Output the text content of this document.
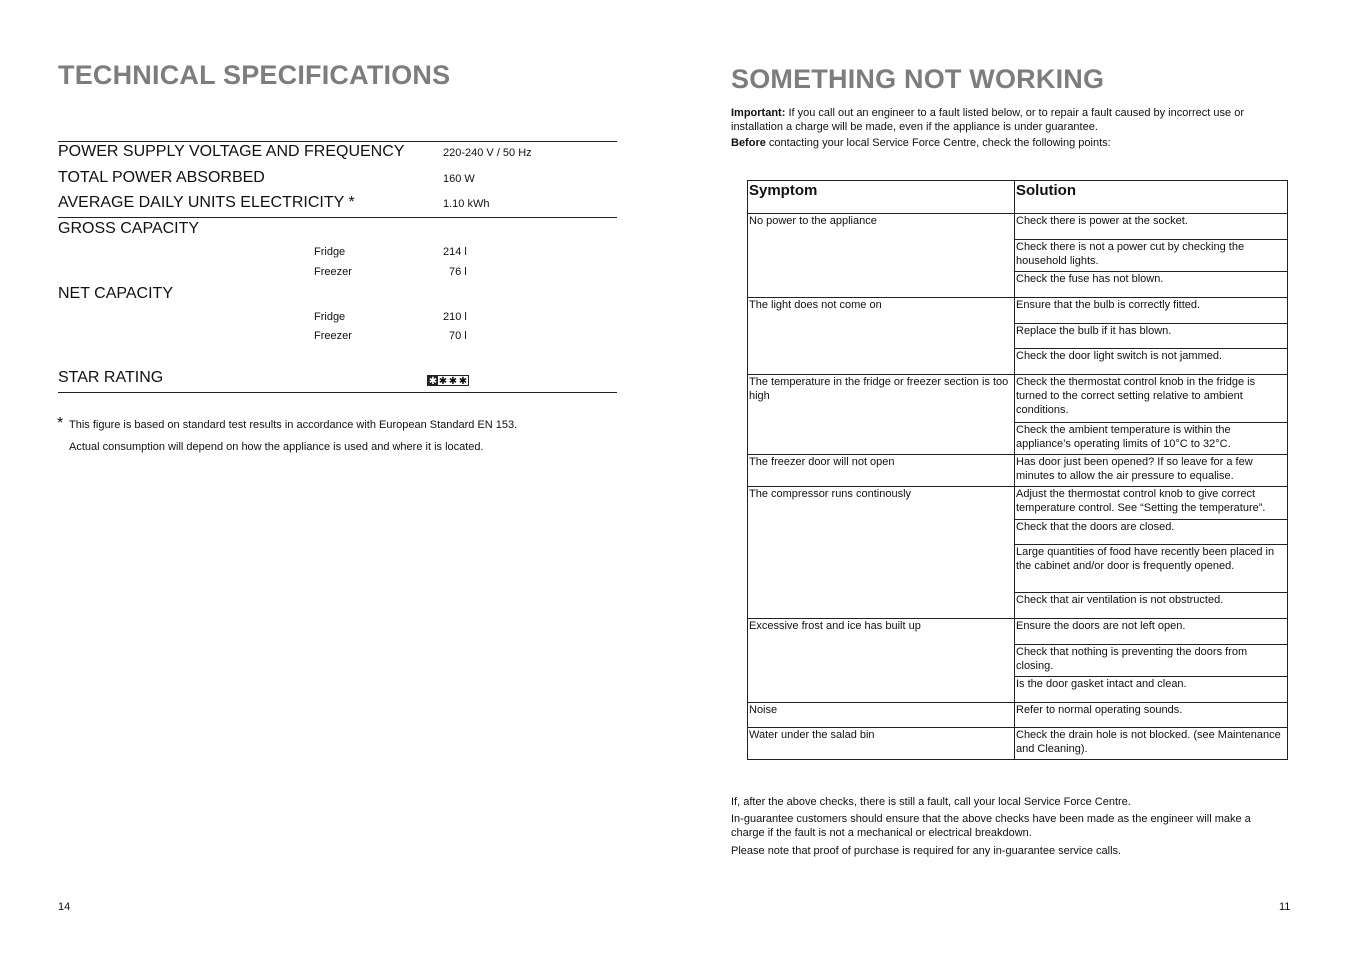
TECHNICAL SPECIFICATIONS
POWER SUPPLY VOLTAGE AND FREQUENCY	220-240 V / 50 Hz
TOTAL POWER ABSORBED	160 W
AVERAGE DAILY UNITS ELECTRICITY *	1.10 kWh
GROSS CAPACITY
Fridge	214 l
Freezer	76 l
NET CAPACITY
Fridge	210 l
Freezer	70 l
STAR RATING	✱ ✱ ✱ ✱
* This figure is based on standard test results in accordance with European Standard EN 153.
Actual consumption will depend on how the appliance is used and where it is located.
14
SOMETHING NOT WORKING
Important: If you call out an engineer to a fault listed below, or to repair a fault caused by incorrect use or installation a charge will be made, even if the appliance is under guarantee.
Before contacting your local Service Force Centre, check the following points:
Symptom	Solution
No power to the appliance	Check there is power at the socket.
	Check there is not a power cut by checking the household lights.
	Check the fuse has not blown.
The light does not come on	Ensure that the bulb is correctly fitted.
	Replace the bulb if it has blown.
	Check the door light switch is not jammed.
The temperature in the fridge or freezer section is too high	Check the thermostat control knob in the fridge is turned to the correct setting relative to ambient conditions.
	Check the ambient temperature is within the appliance’s operating limits of 10°C to 32°C.
The freezer door will not open	Has door just been opened? If so leave for a few minutes to allow the air pressure to equalise.
The compressor runs continously	Adjust the thermostat control knob to give correct temperature control. See “Setting the temperature”.
	Check that the doors are closed.
	Large quantities of food have recently been placed in the cabinet and/or door is frequently opened.
	Check that air ventilation is not obstructed.
Excessive frost and ice has built up	Ensure the doors are not left open.
	Check that nothing is preventing the doors from closing.
	Is the door gasket intact and clean.
Noise	Refer to normal operating sounds.
Water under the salad bin	Check the drain hole is not blocked. (see Maintenance and Cleaning).
If, after the above checks, there is still a fault, call your local Service Force Centre.
In-guarantee customers should ensure that the above checks have been made as the engineer will make a charge if the fault is not a mechanical or electrical breakdown.
Please note that proof of purchase is required for any in-guarantee service calls.
11
